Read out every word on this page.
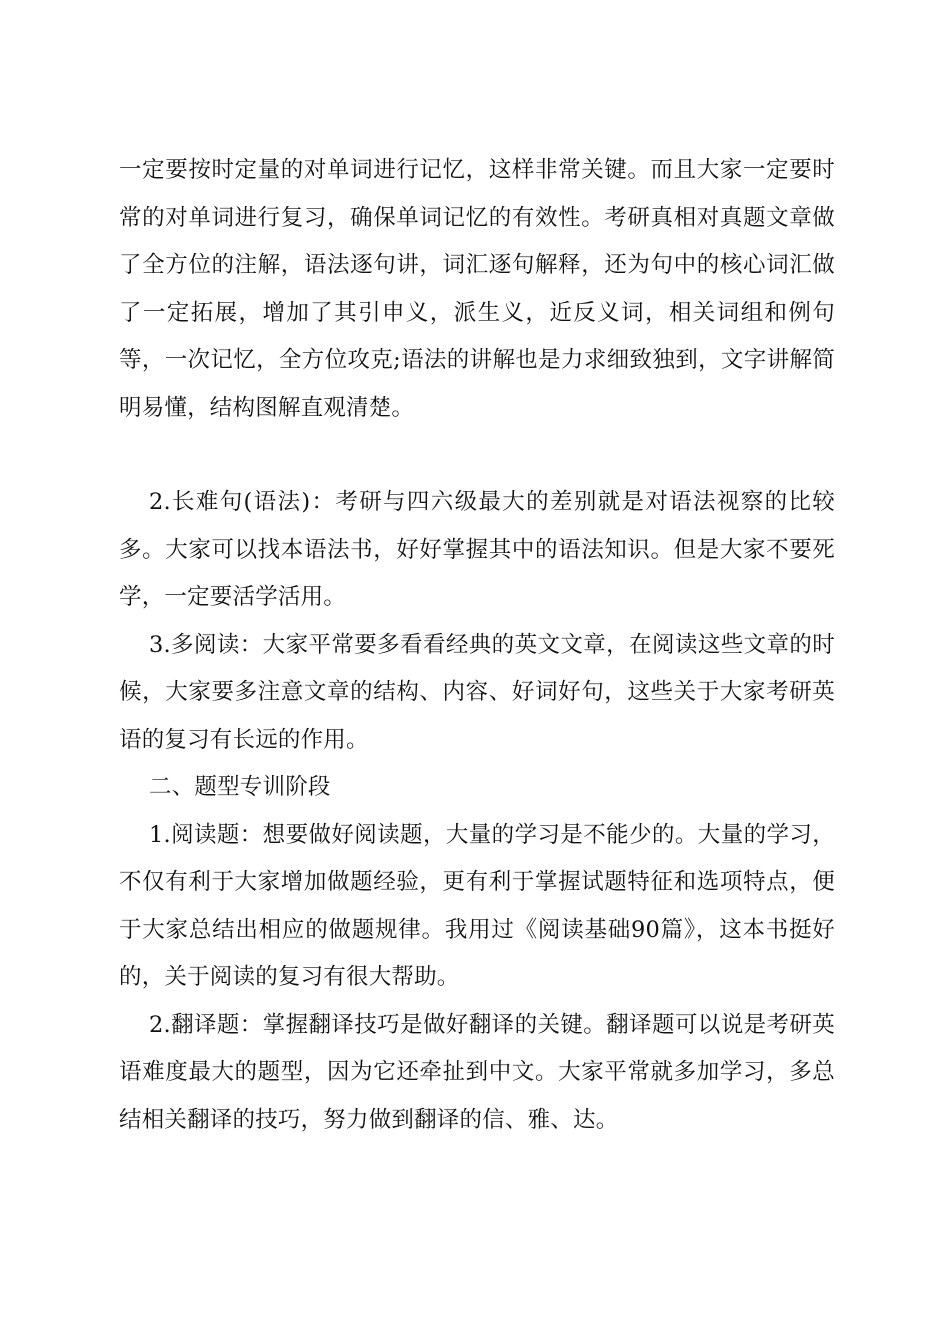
一定要按时定量的对单词进行记忆，这样非常关键。而且大家一定要时常的对单词进行复习，确保单词记忆的有效性。考研真相对真题文章做了全方位的注解，语法逐句讲，词汇逐句解释，还为句中的核心词汇做了一定拓展，增加了其引申义，派生义，近反义词，相关词组和例句等，一次记忆，全方位攻克;语法的讲解也是力求细致独到，文字讲解简明易懂，结构图解直观清楚。

2.长难句(语法)：考研与四六级最大的差别就是对语法视察的比较多。大家可以找本语法书，好好掌握其中的语法知识。但是大家不要死学，一定要活学活用。

3.多阅读：大家平常要多看看经典的英文文章，在阅读这些文章的时候，大家要多注意文章的结构、内容、好词好句，这些关于大家考研英语的复习有长远的作用。

二、题型专训阶段

1.阅读题：想要做好阅读题，大量的学习是不能少的。大量的学习，不仅有利于大家增加做题经验，更有利于掌握试题特征和选项特点，便于大家总结出相应的做题规律。我用过《阅读基础90篇》，这本书挺好的，关于阅读的复习有很大帮助。

2.翻译题：掌握翻译技巧是做好翻译的关键。翻译题可以说是考研英语难度最大的题型，因为它还牵扯到中文。大家平常就多加学习，多总结相关翻译的技巧，努力做到翻译的信、雅、达。
